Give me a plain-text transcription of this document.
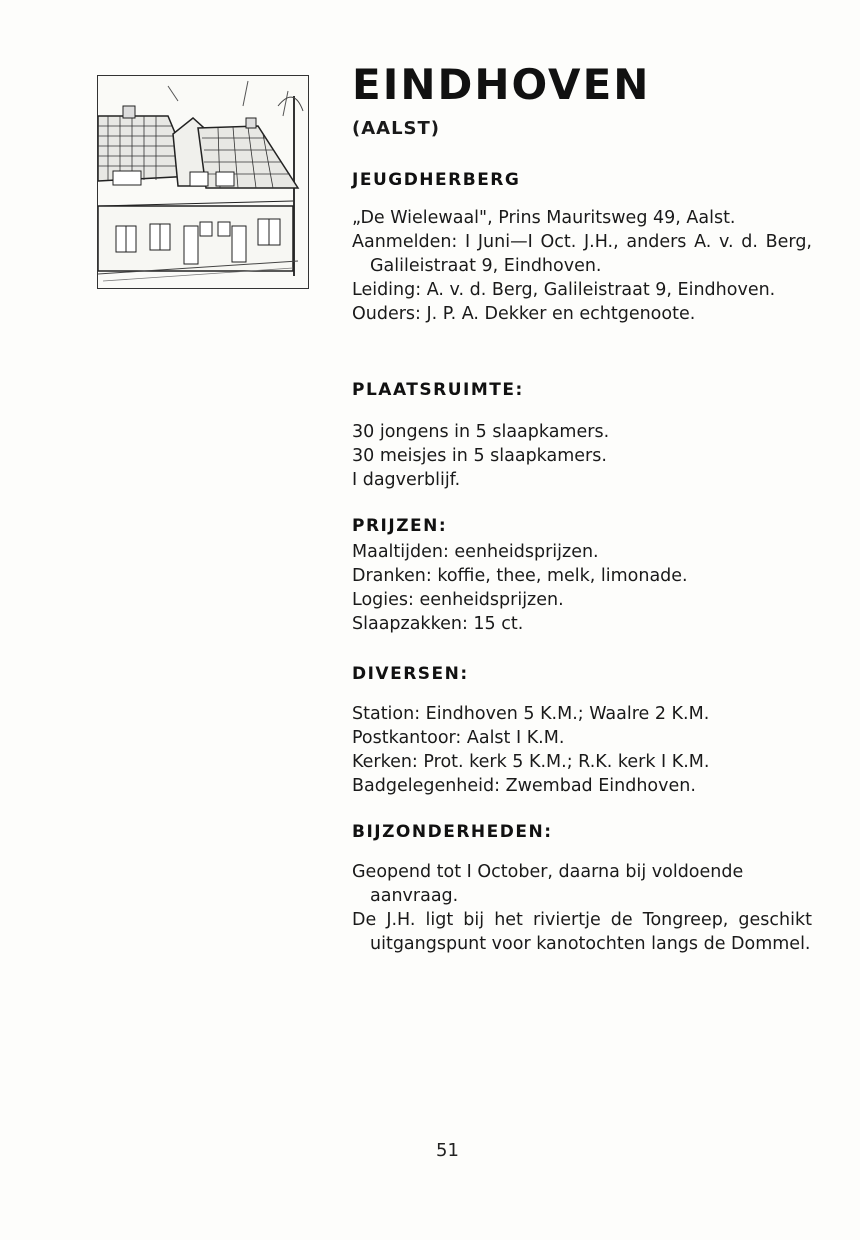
EINDHOVEN
(AALST)
JEUGDHERBERG

„De Wielewaal", Prins Mauritsweg 49, Aalst.

Aanmelden: I Juni—I Oct. J.H., anders A. v. d. Berg, Galileistraat 9, Eindhoven.

Leiding: A. v. d. Berg, Galileistraat 9, Eindhoven.

Ouders: J. P. A. Dekker en echtgenoote.

PLAATSRUIMTE:

30 jongens in 5 slaapkamers.

30 meisjes in 5 slaapkamers.

I dagverblijf.

PRIJZEN:

Maaltijden: eenheidsprijzen.

Dranken: koffie, thee, melk, limonade.

Logies: eenheidsprijzen.

Slaapzakken: 15 ct.

DIVERSEN:

Station: Eindhoven 5 K.M.; Waalre 2 K.M.

Postkantoor: Aalst I K.M.

Kerken: Prot. kerk 5 K.M.; R.K. kerk I K.M.

Badgelegenheid: Zwembad Eindhoven.

BIJZONDERHEDEN:

Geopend tot I October, daarna bij voldoende aanvraag.

De J.H. ligt bij het riviertje de Tongreep, geschikt uitgangspunt voor kanotochten langs de Dommel.

51
